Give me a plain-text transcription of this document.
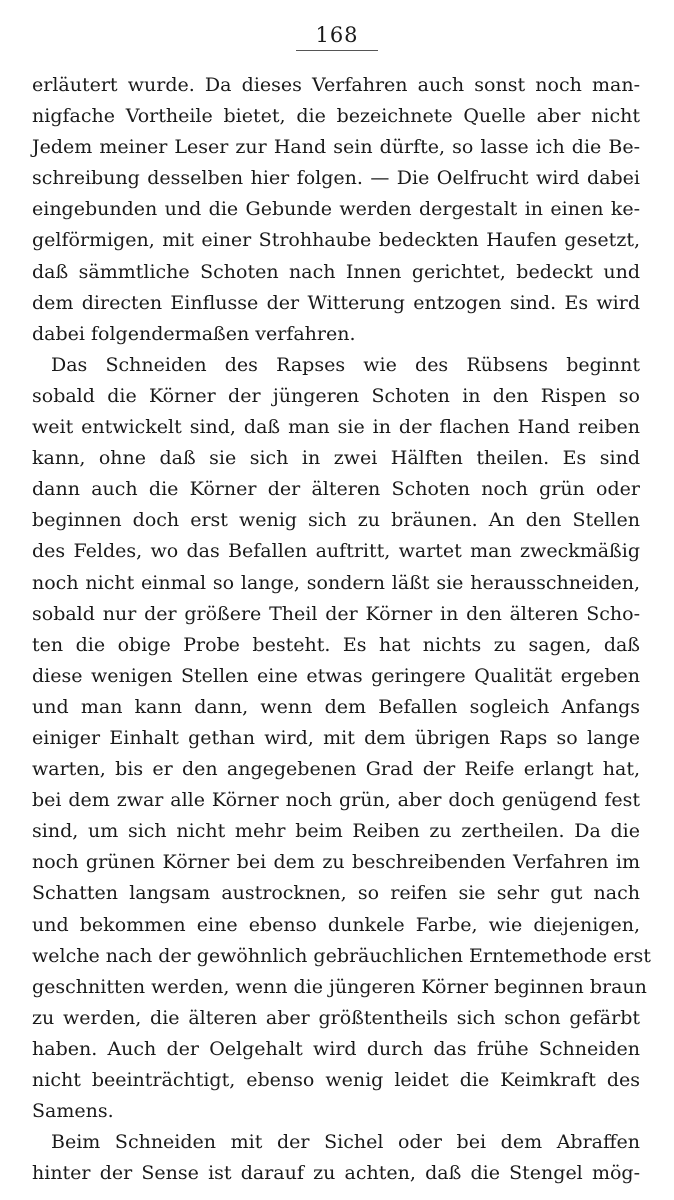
168
erläutert wurde. Da dieses Verfahren auch sonst noch man-
nigfache Vortheile bietet, die bezeichnete Quelle aber nicht
Jedem meiner Leser zur Hand sein dürfte, so lasse ich die Be-
schreibung desselben hier folgen. — Die Oelfrucht wird dabei
eingebunden und die Gebunde werden dergestalt in einen ke-
gelförmigen, mit einer Strohhaube bedeckten Haufen gesetzt,
daß sämmtliche Schoten nach Innen gerichtet, bedeckt und
dem directen Einflusse der Witterung entzogen sind. Es wird
dabei folgendermaßen verfahren.
Das Schneiden des Rapses wie des Rübsens beginnt
sobald die Körner der jüngeren Schoten in den Rispen so
weit entwickelt sind, daß man sie in der flachen Hand reiben
kann, ohne daß sie sich in zwei Hälften theilen. Es sind
dann auch die Körner der älteren Schoten noch grün oder
beginnen doch erst wenig sich zu bräunen. An den Stellen
des Feldes, wo das Befallen auftritt, wartet man zweckmäßig
noch nicht einmal so lange, sondern läßt sie herausschneiden,
sobald nur der größere Theil der Körner in den älteren Scho-
ten die obige Probe besteht. Es hat nichts zu sagen, daß
diese wenigen Stellen eine etwas geringere Qualität ergeben
und man kann dann, wenn dem Befallen sogleich Anfangs
einiger Einhalt gethan wird, mit dem übrigen Raps so lange
warten, bis er den angegebenen Grad der Reife erlangt hat,
bei dem zwar alle Körner noch grün, aber doch genügend fest
sind, um sich nicht mehr beim Reiben zu zertheilen. Da die
noch grünen Körner bei dem zu beschreibenden Verfahren im
Schatten langsam austrocknen, so reifen sie sehr gut nach
und bekommen eine ebenso dunkele Farbe, wie diejenigen,
welche nach der gewöhnlich gebräuchlichen Erntemethode erst
geschnitten werden, wenn die jüngeren Körner beginnen braun
zu werden, die älteren aber größtentheils sich schon gefärbt
haben. Auch der Oelgehalt wird durch das frühe Schneiden
nicht beeinträchtigt, ebenso wenig leidet die Keimkraft des
Samens.
Beim Schneiden mit der Sichel oder bei dem Abraffen
hinter der Sense ist darauf zu achten, daß die Stengel mög-
